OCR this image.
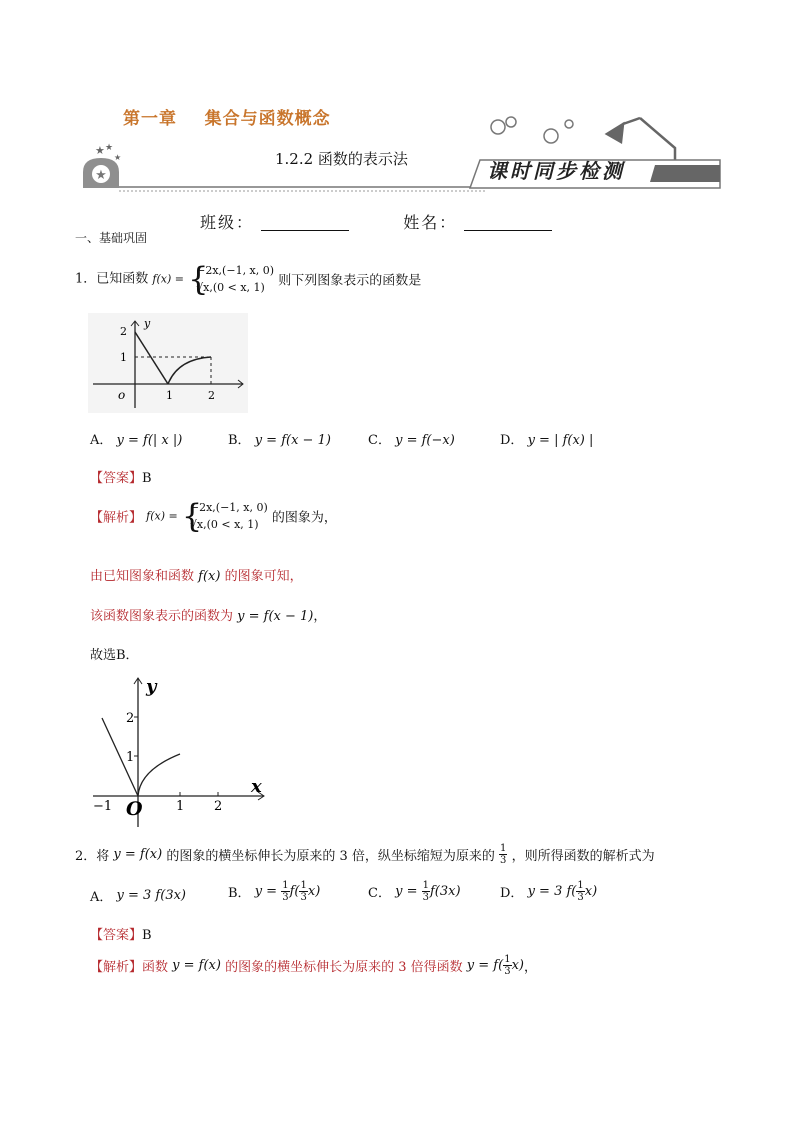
第一章    集合与函数概念
★
★ ★
★	1.2.2 函数的表示法	课时同步检测
班级：	姓名：
一、基础巩固
1．已知函数 f(x) = {
−2x,(−1, x, 0)
√x,(0 < x, 1)	则下列图象表示的函数是
y
2
1
o	1	2
A． y = f(| x |)	B． y = f(x − 1)	C． y = f(−x)	D． y = | f(x) |
【答案】B
【解析】 f(x) = {
−2x,(−1, x, 0)
√x,(0 < x, 1)	的图象为，
由已知图象和函数 f(x) 的图象可知，
该函数图象表示的函数为 y = f(x − 1)，
故选B．
y
2
1
−1 O	1 2
x
2．将 y = f(x) 的图象的横坐标伸长为原来的 3 倍，纵坐标缩短为原来的 $\frac{1}{3}$ ，则所得函数的解析式为
A． y = 3 f(3x)	B． $y = \frac{1}{3} f( \frac{1}{3} x)$	C． $y = \frac{1}{3} f(3x)$	D． y = 3 $f( \frac{1}{3} x)$
【答案】B
【解析】函数 y = f(x) 的图象的横坐标伸长为原来的 3 倍得函数 $y = f( \frac{1}{3} x)$，
